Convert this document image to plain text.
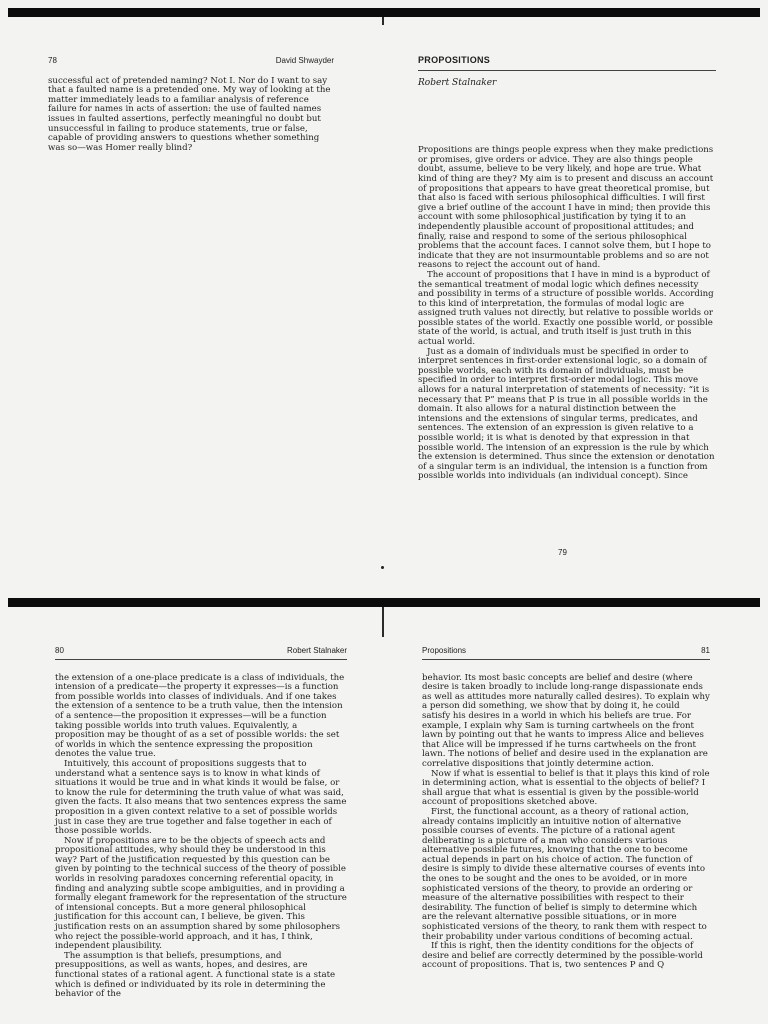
78	David Shwayder

successful act of pretended naming? Not I. Nor do I want to say that a faulted name is a pretended one. My way of looking at the matter immediately leads to a familiar analysis of reference failure for names in acts of assertion: the use of faulted names issues in faulted assertions, perfectly meaningful no doubt but unsuccessful in failing to produce statements, true or false, capable of providing answers to questions whether something was so—was Homer really blind?

PROPOSITIONS
Robert Stalnaker

Propositions are things people express when they make predictions or promises, give orders or advice. They are also things people doubt, assume, believe to be very likely, and hope are true. What kind of thing are they? My aim is to present and discuss an account of propositions that appears to have great theoretical promise, but that also is faced with serious philosophical difficulties. I will first give a brief outline of the account I have in mind; then provide this account with some philosophical justification by tying it to an independently plausible account of propositional attitudes; and finally, raise and respond to some of the serious philosophical problems that the account faces. I cannot solve them, but I hope to indicate that they are not insurmountable problems and so are not reasons to reject the account out of hand.

The account of propositions that I have in mind is a byproduct of the semantical treatment of modal logic which defines necessity and possibility in terms of a structure of possible worlds. According to this kind of interpretation, the formulas of modal logic are assigned truth values not directly, but relative to possible worlds or possible states of the world. Exactly one possible world, or possible state of the world, is actual, and truth itself is just truth in this actual world.

Just as a domain of individuals must be specified in order to interpret sentences in first-order extensional logic, so a domain of possible worlds, each with its domain of individuals, must be specified in order to interpret first-order modal logic. This move allows for a natural interpretation of statements of necessity: “it is necessary that P” means that P is true in all possible worlds in the domain. It also allows for a natural distinction between the intensions and the extensions of singular terms, predicates, and sentences. The extension of an expression is given relative to a possible world; it is what is denoted by that expression in that possible world. The intension of an expression is the rule by which the extension is determined. Thus since the extension or denotation of a singular term is an individual, the intension is a function from possible worlds into individuals (an individual concept). Since

79
80	Robert Stalnaker

the extension of a one-place predicate is a class of individuals, the intension of a predicate—the property it expresses—is a function from possible worlds into classes of individuals. And if one takes the extension of a sentence to be a truth value, then the intension of a sentence—the proposition it expresses—will be a function taking possible worlds into truth values. Equivalently, a proposition may be thought of as a set of possible worlds: the set of worlds in which the sentence expressing the proposition denotes the value true.

Intuitively, this account of propositions suggests that to understand what a sentence says is to know in what kinds of situations it would be true and in what kinds it would be false, or to know the rule for determining the truth value of what was said, given the facts. It also means that two sentences express the same proposition in a given context relative to a set of possible worlds just in case they are true together and false together in each of those possible worlds.

Now if propositions are to be the objects of speech acts and propositional attitudes, why should they be understood in this way? Part of the justification requested by this question can be given by pointing to the technical success of the theory of possible worlds in resolving paradoxes concerning referential opacity, in finding and analyzing subtle scope ambiguities, and in providing a formally elegant framework for the representation of the structure of intensional concepts. But a more general philosophical justification for this account can, I believe, be given. This justification rests on an assumption shared by some philosophers who reject the possible-world approach, and it has, I think, independent plausibility.

The assumption is that beliefs, presumptions, and presuppositions, as well as wants, hopes, and desires, are functional states of a rational agent. A functional state is a state which is defined or individuated by its role in determining the behavior of the

Propositions	81

behavior. Its most basic concepts are belief and desire (where desire is taken broadly to include long-range dispassionate ends as well as attitudes more naturally called desires). To explain why a person did something, we show that by doing it, he could satisfy his desires in a world in which his beliefs are true. For example, I explain why Sam is turning cartwheels on the front lawn by pointing out that he wants to impress Alice and believes that Alice will be impressed if he turns cartwheels on the front lawn. The notions of belief and desire used in the explanation are correlative dispositions that jointly determine action.

Now if what is essential to belief is that it plays this kind of role in determining action, what is essential to the objects of belief? I shall argue that what is essential is given by the possible-world account of propositions sketched above.

First, the functional account, as a theory of rational action, already contains implicitly an intuitive notion of alternative possible courses of events. The picture of a rational agent deliberating is a picture of a man who considers various alternative possible futures, knowing that the one to become actual depends in part on his choice of action. The function of desire is simply to divide these alternative courses of events into the ones to be sought and the ones to be avoided, or in more sophisticated versions of the theory, to provide an ordering or measure of the alternative possibilities with respect to their desirability. The function of belief is simply to determine which are the relevant alternative possible situations, or in more sophisticated versions of the theory, to rank them with respect to their probability under various conditions of becoming actual.

If this is right, then the identity conditions for the objects of desire and belief are correctly determined by the possible-world account of propositions. That is, two sentences P and Q
